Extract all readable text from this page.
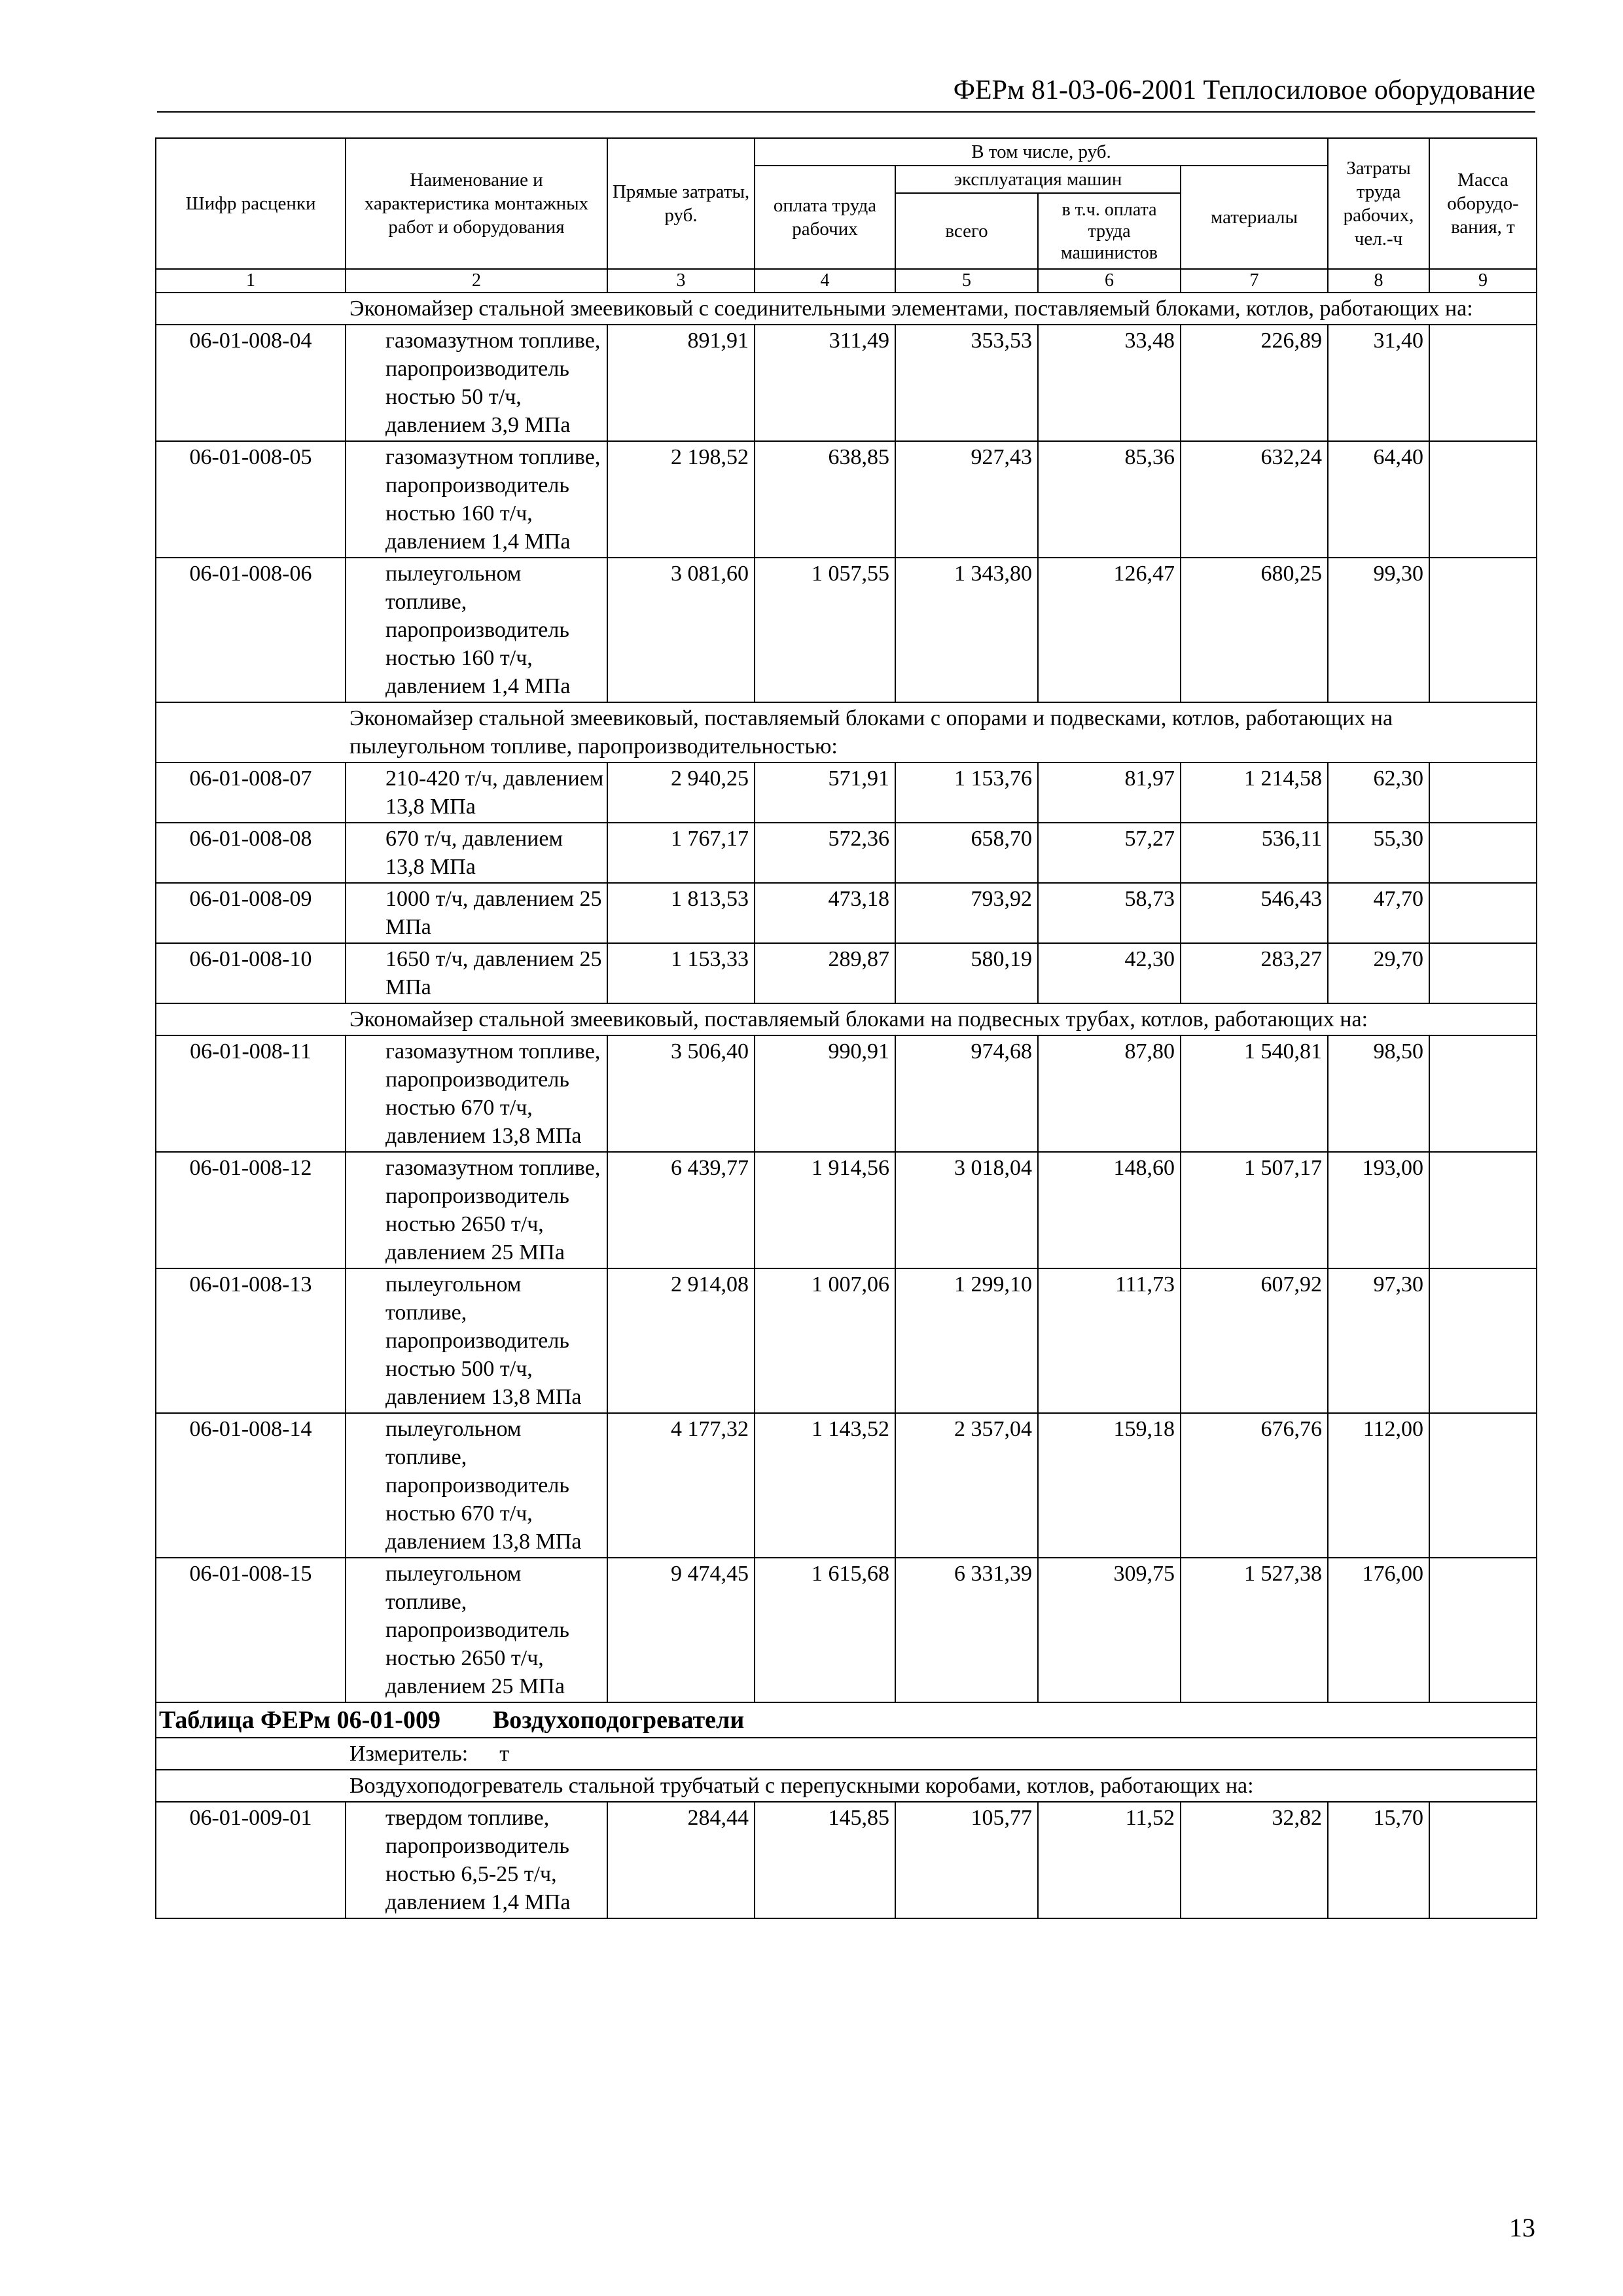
ФЕРм 81-03-06-2001 Теплосиловое оборудование
Шифр расценки	Наименование и характеристика монтажных работ и оборудования	Прямые затраты, руб.	В том числе, руб.				Затраты труда рабочих, чел.-ч	Масса оборудо-вания, т
			оплата труда рабочих	эксплуатация машин		материалы		
				всего	в т.ч. оплата труда машинистов			
1	2	3	4	5	6	7	8	9
Экономайзер стальной змеевиковый с соединительными элементами, поставляемый блоками, котлов, работающих на:								
06-01-008-04	газомазутном топливе, паропроизводитель ностью 50 т/ч, давлением 3,9 МПа	891,91	311,49	353,53	33,48	226,89	31,40	
06-01-008-05	газомазутном топливе, паропроизводитель ностью 160 т/ч, давлением 1,4 МПа	2 198,52	638,85	927,43	85,36	632,24	64,40	
06-01-008-06	пылеугольном топливе, паропроизводитель ностью 160 т/ч, давлением 1,4 МПа	3 081,60	1 057,55	1 343,80	126,47	680,25	99,30	
Экономайзер стальной змеевиковый, поставляемый блоками с опорами и подвесками, котлов, работающих на пылеугольном топливе, паропроизводительностью:								
06-01-008-07	210-420 т/ч, давлением 13,8 МПа	2 940,25	571,91	1 153,76	81,97	1 214,58	62,30	
06-01-008-08	670 т/ч, давлением 13,8 МПа	1 767,17	572,36	658,70	57,27	536,11	55,30	
06-01-008-09	1000 т/ч, давлением 25 МПа	1 813,53	473,18	793,92	58,73	546,43	47,70	
06-01-008-10	1650 т/ч, давлением 25 МПа	1 153,33	289,87	580,19	42,30	283,27	29,70	
Экономайзер стальной змеевиковый, поставляемый блоками на подвесных трубах, котлов, работающих на:								
06-01-008-11	газомазутном топливе, паропроизводитель ностью 670 т/ч, давлением 13,8 МПа	3 506,40	990,91	974,68	87,80	1 540,81	98,50	
06-01-008-12	газомазутном топливе, паропроизводитель ностью 2650 т/ч, давлением 25 МПа	6 439,77	1 914,56	3 018,04	148,60	1 507,17	193,00	
06-01-008-13	пылеугольном топливе, паропроизводитель ностью 500 т/ч, давлением 13,8 МПа	2 914,08	1 007,06	1 299,10	111,73	607,92	97,30	
06-01-008-14	пылеугольном топливе, паропроизводитель ностью 670 т/ч, давлением 13,8 МПа	4 177,32	1 143,52	2 357,04	159,18	676,76	112,00	
06-01-008-15	пылеугольном топливе, паропроизводитель ностью 2650 т/ч, давлением 25 МПа	9 474,45	1 615,68	6 331,39	309,75	1 527,38	176,00	
Таблица ФЕРм 06-01-009 Воздухоподогреватели								
Измеритель: т								
Воздухоподогреватель стальной трубчатый с перепускными коробами, котлов, работающих на:								
06-01-009-01	твердом топливе, паропроизводитель ностью 6,5-25 т/ч, давлением 1,4 МПа	284,44	145,85	105,77	11,52	32,82	15,70	
13
